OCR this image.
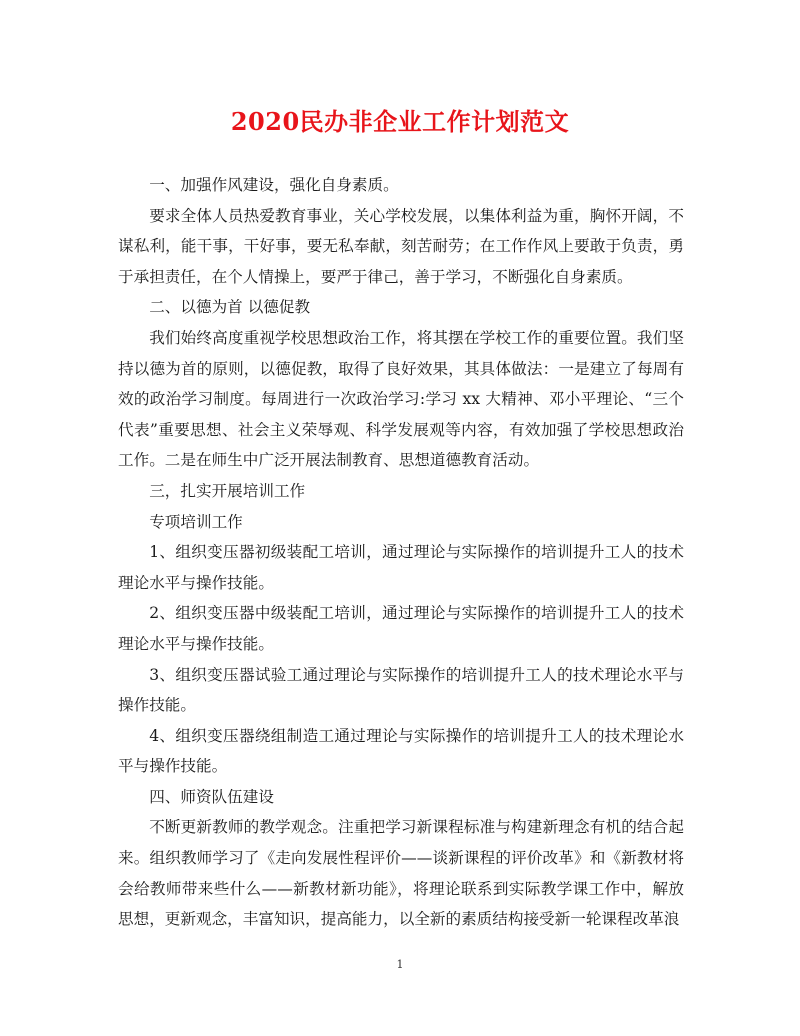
2020民办非企业工作计划范文

一、加强作风建设，强化自身素质。

要求全体人员热爱教育事业，关心学校发展，以集体利益为重，胸怀开阔，不谋私利，能干事，干好事，要无私奉献，刻苦耐劳；在工作作风上要敢于负责，勇于承担责任，在个人情操上，要严于律己，善于学习，不断强化自身素质。

二、以德为首 以德促教

我们始终高度重视学校思想政治工作，将其摆在学校工作的重要位置。我们坚持以德为首的原则，以德促教，取得了良好效果，其具体做法：一是建立了每周有效的政治学习制度。每周进行一次政治学习:学习 xx 大精神、邓小平理论、“三个代表”重要思想、社会主义荣辱观、科学发展观等内容，有效加强了学校思想政治工作。二是在师生中广泛开展法制教育、思想道德教育活动。

三，扎实开展培训工作

专项培训工作

1、组织变压器初级装配工培训，通过理论与实际操作的培训提升工人的技术理论水平与操作技能。

2、组织变压器中级装配工培训，通过理论与实际操作的培训提升工人的技术理论水平与操作技能。

3、组织变压器试验工通过理论与实际操作的培训提升工人的技术理论水平与操作技能。

4、组织变压器绕组制造工通过理论与实际操作的培训提升工人的技术理论水平与操作技能。

四、师资队伍建设

不断更新教师的教学观念。注重把学习新课程标准与构建新理念有机的结合起来。组织教师学习了《走向发展性程评价——谈新课程的评价改革》和《新教材将会给教师带来些什么——新教材新功能》，将理论联系到实际教学课工作中，解放思想，更新观念，丰富知识，提高能力，以全新的素质结构接受新一轮课程改革浪

1
